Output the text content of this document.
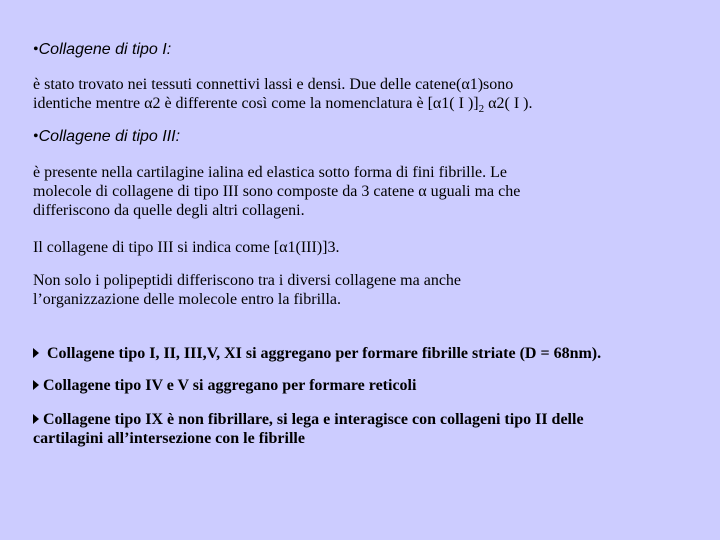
•Collagene di tipo I:
è stato trovato nei tessuti connettivi lassi e densi. Due delle catene(α1)sono
identiche mentre α2 è differente così come la nomenclatura è [α1( I )]$_2$ α2( I ).
•Collagene di tipo III:
è presente nella cartilagine ialina ed elastica sotto forma di fini fibrille. Le
molecole di collagene di tipo III sono composte da 3 catene α uguali ma che
differiscono da quelle degli altri collageni.
Il collagene di tipo III si indica come [α1(III)]3.
Non solo i polipeptidi differiscono tra i diversi collagene ma anche
l’organizzazione delle molecole entro la fibrilla.
Collagene tipo I, II, III,V, XI si aggregano per formare fibrille striate (D = 68nm).
Collagene tipo IV e V si aggregano per formare reticoli
Collagene tipo IX è non fibrillare, si lega e interagisce con collageni tipo II delle
cartilagini all’intersezione con le fibrille
